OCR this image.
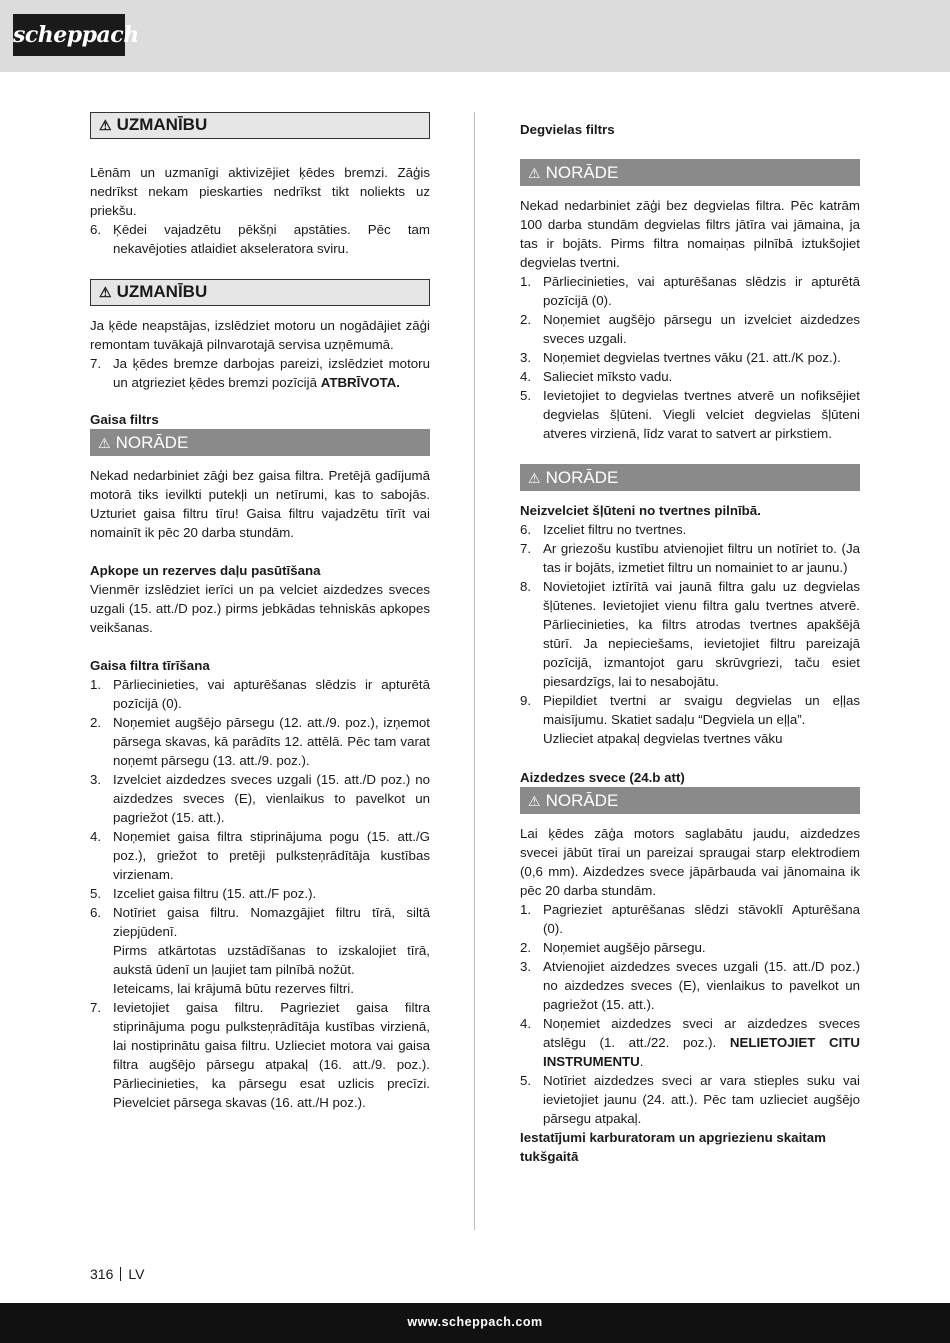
scheppach
⚠ UZMANĪBU
Lēnām un uzmanīgi aktivizējiet ķēdes bremzi. Zāģis nedrīkst nekam pieskarties nedrīkst tikt noliekts uz priekšu.
6. Ķēdei vajadzētu pēkšņi apstāties. Pēc tam nekavējoties atlaidiet akseleratora sviru.
⚠ UZMANĪBU
Ja ķēde neapstājas, izslēdziet motoru un nogādājiet zāģi remontam tuvākajā pilnvarotajā servisa uzņēmumā.
7. Ja ķēdes bremze darbojas pareizi, izslēdziet motoru un atgrieziet ķēdes bremzi pozīcijā ATBRĪVOTA.
Gaisa filtrs
⚠ NORĀDE
Nekad nedarbiniet zāģi bez gaisa filtra. Pretējā gadījumā motorā tiks ievilkti putekļi un netīrumi, kas to sabojās. Uzturiet gaisa filtru tīru! Gaisa filtru vajadzētu tīrīt vai nomainīt ik pēc 20 darba stundām.
Apkope un rezerves daļu pasūtīšana
Vienmēr izslēdziet ierīci un pa velciet aizdedzes sveces uzgali (15. att./D poz.) pirms jebkādas tehniskās apkopes veikšanas.
Gaisa filtra tīrīšana
1. Pārliecinieties, vai apturēšanas slēdzis ir apturētā pozīcijā (0).
2. Noņemiet augšējo pārsegu (12. att./9. poz.), izņemot pārsega skavas, kā parādīts 12. attēlā. Pēc tam varat noņemt pārsegu (13. att./9. poz.).
3. Izvelciet aizdedzes sveces uzgali (15. att./D poz.) no aizdedzes sveces (E), vienlaikus to pavelkot un pagriežot (15. att.).
4. Noņemiet gaisa filtra stiprinājuma pogu (15. att./G poz.), griežot to pretēji pulksteņrādītāja kustības virzienam.
5. Izceliet gaisa filtru (15. att./F poz.).
6. Notīriet gaisa filtru. Nomazgājiet filtru tīrā, siltā ziepjūdenī.
Pirms atkārtotas uzstādīšanas to izskalojiet tīrā, aukstā ūdenī un ļaujiet tam pilnībā nožūt.
Ieteicams, lai krājumā būtu rezerves filtri.
7. Ievietojiet gaisa filtru. Pagrieziet gaisa filtra stiprinājuma pogu pulksteņrādītāja kustības virzienā, lai nostiprinātu gaisa filtru. Uzlieciet motora vai gaisa filtra augšējo pārsegu atpakaļ (16. att./9. poz.). Pārliecinieties, ka pārsegu esat uzlicis precīzi. Pievelciet pārsega skavas (16. att./H poz.).
Degvielas filtrs
⚠ NORĀDE
Nekad nedarbiniet zāģi bez degvielas filtra. Pēc katrām 100 darba stundām degvielas filtrs jātīra vai jāmaina, ja tas ir bojāts. Pirms filtra nomaiņas pilnībā iztukšojiet degvielas tvertni.
1. Pārliecinieties, vai apturēšanas slēdzis ir apturētā pozīcijā (0).
2. Noņemiet augšējo pārsegu un izvelciet aizdedzes sveces uzgali.
3. Noņemiet degvielas tvertnes vāku (21. att./K poz.).
4. Salieciet mīksto vadu.
5. Ievietojiet to degvielas tvertnes atverē un nofiksējiet degvielas šļūteni. Viegli velciet degvielas šļūteni atveres virzienā, līdz varat to satvert ar pirkstiem.
⚠ NORĀDE
Neizvelciet šļūteni no tvertnes pilnībā.
6. Izceliet filtru no tvertnes.
7. Ar griezošu kustību atvienojiet filtru un notīriet to. (Ja tas ir bojāts, izmetiet filtru un nomainiet to ar jaunu.)
8. Novietojiet iztīrītā vai jaunā filtra galu uz degvielas šļūtenes. Ievietojiet vienu filtra galu tvertnes atverē. Pārliecinieties, ka filtrs atrodas tvertnes apakšējā stūrī. Ja nepieciešams, ievietojiet filtru pareizajā pozīcijā, izmantojot garu skrūvgriezi, taču esiet piesardzīgs, lai to nesabojātu.
9. Piepildiet tvertni ar svaigu degvielas un eļļas maisījumu. Skatiet sadaļu “Degviela un eļļa”.
Uzlieciet atpakaļ degvielas tvertnes vāku
Aizdedzes svece (24.b att)
⚠ NORĀDE
Lai ķēdes zāģa motors saglabātu jaudu, aizdedzes svecei jābūt tīrai un pareizai spraugai starp elektrodiem (0,6 mm). Aizdedzes svece jāpārbauda vai jānomaina ik pēc 20 darba stundām.
1. Pagrieziet apturēšanas slēdzi stāvoklī Apturēšana (0).
2. Noņemiet augšējo pārsegu.
3. Atvienojiet aizdedzes sveces uzgali (15. att./D poz.) no aizdedzes sveces (E), vienlaikus to pavelkot un pagriežot (15. att.).
4. Noņemiet aizdedzes sveci ar aizdedzes sveces atslēgu (1. att./22. poz.). NELIETOJIET CITU INSTRUMENTU.
5. Notīriet aizdedzes sveci ar vara stieples suku vai ievietojiet jaunu (24. att.). Pēc tam uzlieciet augšējo pārsegu atpakaļ.
Iestatījumi karburatoram un apgriezienu skaitam tukšgaitā
316 LV
www.scheppach.com
